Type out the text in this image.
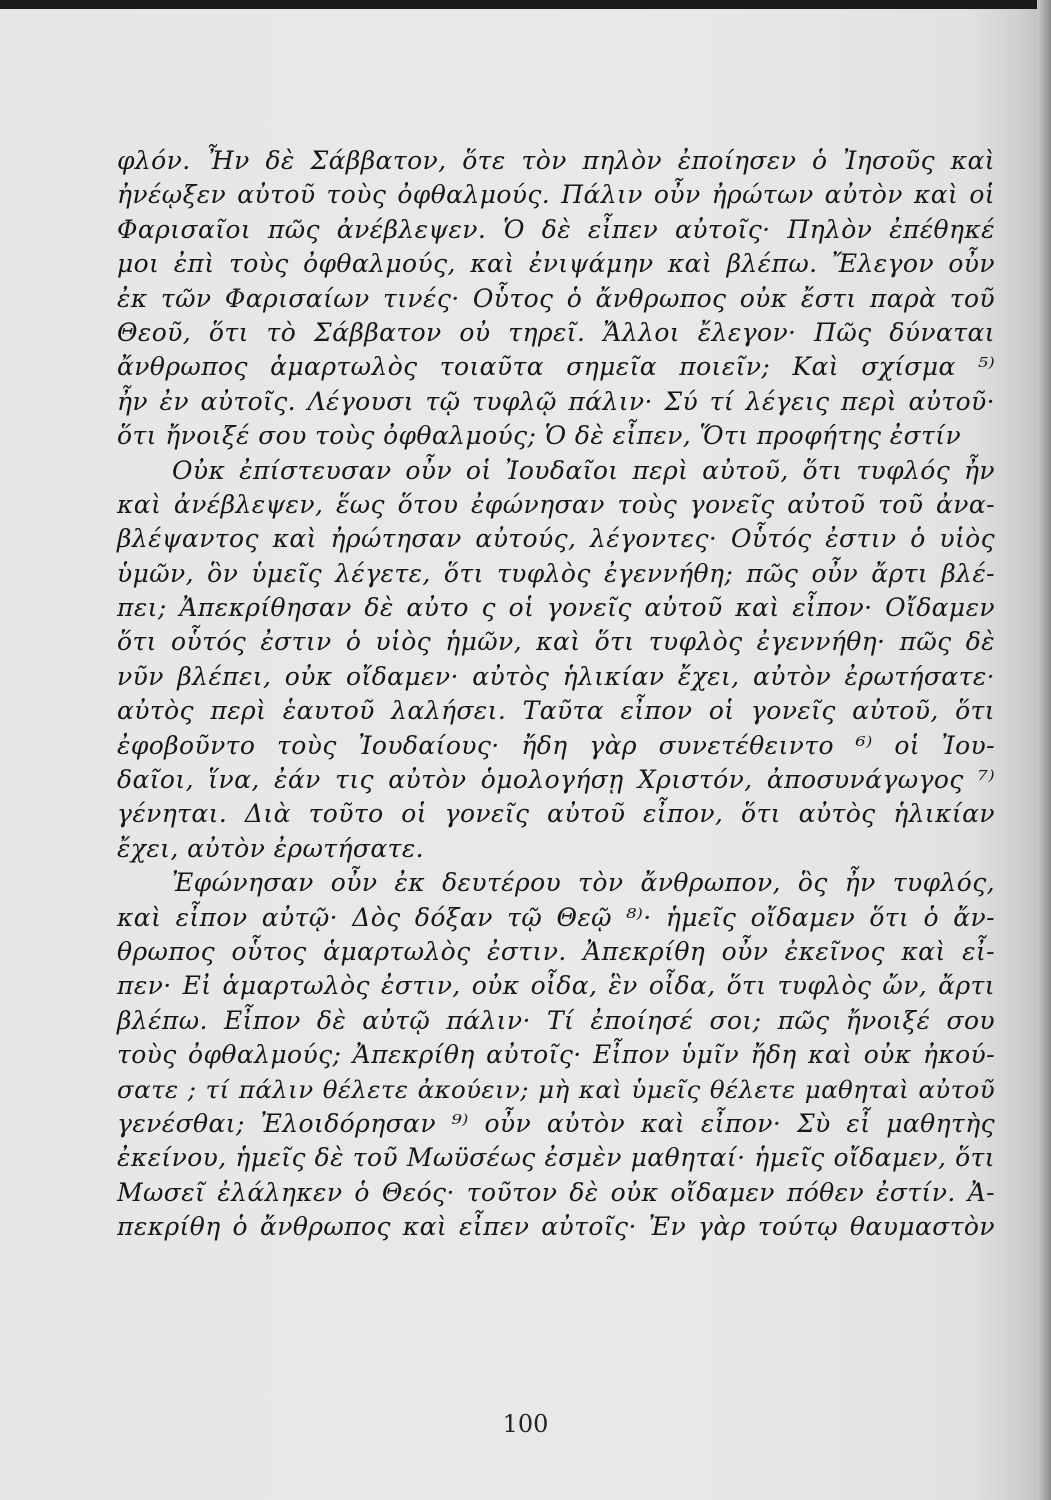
φλόν. Ἦν δὲ Σάββατον, ὅτε τὸν πηλὸν ἐποίησεν ὁ Ἰησοῦς καὶ
ἠνέῳξεν αὐτοῦ τοὺς ὀφθαλμούς. Πάλιν οὖν ἠρώτων αὐτὸν καὶ οἱ
Φαρισαῖοι πῶς ἀνέβλεψεν. Ὁ δὲ εἶπεν αὐτοῖς· Πηλὸν ἐπέθηκέ
μοι ἐπὶ τοὺς ὀφθαλμούς, καὶ ἐνιψάμην καὶ βλέπω. Ἔλεγον οὖν
ἐκ τῶν Φαρισαίων τινές· Οὗτος ὁ ἄνθρωπος οὐκ ἔστι παρὰ τοῦ
Θεοῦ, ὅτι τὸ Σάββατον οὐ τηρεῖ. Ἄλλοι ἔλεγον· Πῶς δύναται
ἄνθρωπος ἁμαρτωλὸς τοιαῦτα σημεῖα ποιεῖν; Καὶ σχίσμα ⁵⁾
ἦν ἐν αὐτοῖς. Λέγουσι τῷ τυφλῷ πάλιν· Σύ τί λέγεις περὶ αὐτοῦ·
ὅτι ἤνοιξέ σου τοὺς ὀφθαλμούς; Ὁ δὲ εἶπεν, Ὅτι προφήτης ἐστίν
Οὐκ ἐπίστευσαν οὖν οἱ Ἰουδαῖοι περὶ αὐτοῦ, ὅτι τυφλός ἦν
καὶ ἀνέβλεψεν, ἕως ὅτου ἐφώνησαν τοὺς γονεῖς αὐτοῦ τοῦ ἀνα-
βλέψαντος καὶ ἠρώτησαν αὐτούς, λέγοντες· Οὗτός ἐστιν ὁ υἱὸς
ὑμῶν, ὃν ὑμεῖς λέγετε, ὅτι τυφλὸς ἐγεννήθη; πῶς οὖν ἄρτι βλέ-
πει; Ἀπεκρίθησαν δὲ αὐτο ς οἱ γονεῖς αὐτοῦ καὶ εἶπον· Οἴδαμεν
ὅτι οὗτός ἐστιν ὁ υἱὸς ἡμῶν, καὶ ὅτι τυφλὸς ἐγεννήθη· πῶς δὲ
νῦν βλέπει, οὐκ οἴδαμεν· αὐτὸς ἡλικίαν ἔχει, αὐτὸν ἐρωτήσατε·
αὐτὸς περὶ ἑαυτοῦ λαλήσει. Ταῦτα εἶπον οἱ γονεῖς αὐτοῦ, ὅτι
ἐφοβοῦντο τοὺς Ἰουδαίους· ἤδη γὰρ συνετέθειντο ⁶⁾ οἱ Ἰου-
δαῖοι, ἵνα, ἐάν τις αὐτὸν ὁμολογήσῃ Χριστόν, ἀποσυνάγωγος ⁷⁾
γένηται. Διὰ τοῦτο οἱ γονεῖς αὐτοῦ εἶπον, ὅτι αὐτὸς ἡλικίαν
ἔχει, αὐτὸν ἐρωτήσατε.
Ἐφώνησαν οὖν ἐκ δευτέρου τὸν ἄνθρωπον, ὃς ἦν τυφλός,
καὶ εἶπον αὐτῷ· Δὸς δόξαν τῷ Θεῷ ⁸⁾· ἡμεῖς οἴδαμεν ὅτι ὁ ἄν-
θρωπος οὗτος ἁμαρτωλὸς ἐστιν. Ἀπεκρίθη οὖν ἐκεῖνος καὶ εἶ-
πεν· Εἰ ἁμαρτωλὸς ἐστιν, οὐκ οἶδα, ἓν οἶδα, ὅτι τυφλὸς ὤν, ἄρτι
βλέπω. Εἶπον δὲ αὐτῷ πάλιν· Τί ἐποίησέ σοι; πῶς ἤνοιξέ σου
τοὺς ὀφθαλμούς; Ἀπεκρίθη αὐτοῖς· Εἶπον ὑμῖν ἤδη καὶ οὐκ ἠκού-
σατε ; τί πάλιν θέλετε ἀκούειν; μὴ καὶ ὑμεῖς θέλετε μαθηταὶ αὐτοῦ
γενέσθαι; Ἐλοιδόρησαν ⁹⁾ οὖν αὐτὸν καὶ εἶπον· Σὺ εἶ μαθητὴς
ἐκείνου, ἡμεῖς δὲ τοῦ Μωϋσέως ἐσμὲν μαθηταί· ἡμεῖς οἴδαμεν, ὅτι
Μωσεῖ ἐλάληκεν ὁ Θεός· τοῦτον δὲ οὐκ οἴδαμεν πόθεν ἐστίν. Ἀ-
πεκρίθη ὁ ἄνθρωπος καὶ εἶπεν αὐτοῖς· Ἐν γὰρ τούτῳ θαυμαστὸν
100
